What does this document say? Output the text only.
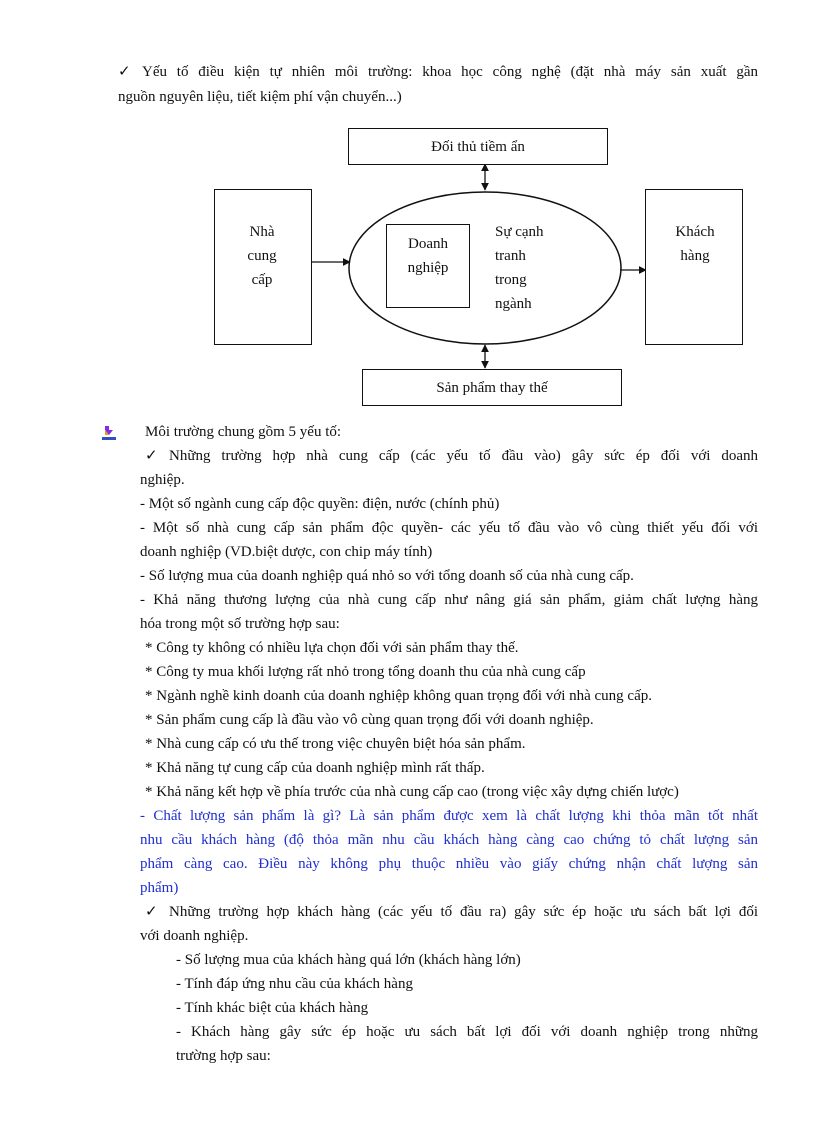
✓ Yếu tố điều kiện tự nhiên môi trường: khoa học công nghệ (đặt nhà máy sản xuất gần
nguồn nguyên liệu, tiết kiệm phí vận chuyển...)
Đối thủ tiềm ẩn
Sản phẩm thay thế
Nhà
cung
cấp
Khách
hàng
Doanh
nghiệp
Sự cạnh
tranh
trong
ngành
Môi trường chung gồm 5 yếu tố:
✓ Những trường hợp nhà cung cấp (các yếu tố đầu vào) gây sức ép đối với doanh
nghiệp.
- Một số ngành cung cấp độc quyền: điện, nước (chính phủ)
- Một số nhà cung cấp sản phẩm độc quyền- các yếu tố đầu vào vô cùng thiết yếu đối với
doanh nghiệp (VD.biệt dược, con chip máy tính)
- Số lượng mua của doanh nghiệp quá nhỏ so với tổng doanh số của nhà cung cấp.
- Khả năng thương lượng của nhà cung cấp như nâng giá sản phẩm, giảm chất lượng hàng
hóa trong một số trường hợp sau:
* Công ty không có nhiều lựa chọn đối với sản phẩm thay thế.
* Công ty mua khối lượng rất nhỏ trong tổng doanh thu của nhà cung cấp
* Ngành nghề kinh doanh của doanh nghiệp không quan trọng đối với nhà cung cấp.
* Sản phẩm cung cấp là đầu vào vô cùng quan trọng đối với doanh nghiệp.
* Nhà cung cấp có ưu thế trong việc chuyên biệt hóa sản phẩm.
* Khả năng tự cung cấp của doanh nghiệp mình rất thấp.
* Khả năng kết hợp về phía trước của nhà cung cấp cao (trong việc xây dựng chiến lược)
- Chất lượng sản phẩm là gì? Là sản phẩm được xem là chất lượng khi thỏa mãn tốt nhất
nhu cầu khách hàng (độ thỏa mãn nhu cầu khách hàng càng cao chứng tỏ chất lượng sản
phẩm càng cao. Điều này không phụ thuộc nhiều vào giấy chứng nhận chất lượng sản
phẩm)
✓ Những trường hợp khách hàng (các yếu tố đầu ra) gây sức ép hoặc ưu sách bất lợi đối
với doanh nghiệp.
- Số lượng mua của khách hàng quá lớn (khách hàng lớn)
- Tính đáp ứng nhu cầu của khách hàng
- Tính khác biệt của khách hàng
- Khách hàng gây sức ép hoặc ưu sách bất lợi đối với doanh nghiệp trong những
trường hợp sau:
